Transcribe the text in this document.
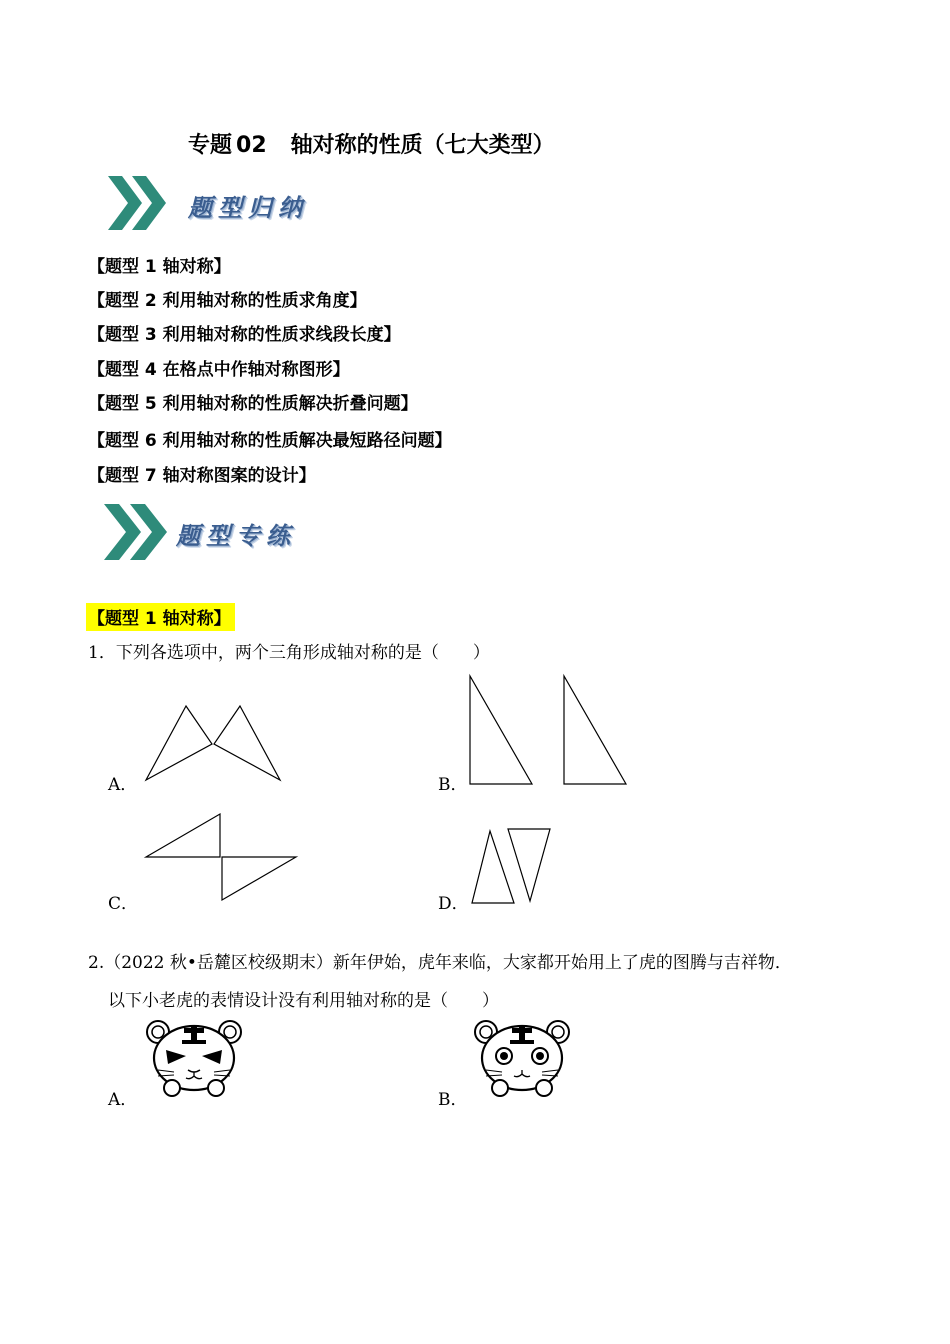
专题 02 轴对称的性质（七大类型）
题型归纳
【题型 1 轴对称】
【题型 2 利用轴对称的性质求角度】
【题型 3 利用轴对称的性质求线段长度】
【题型 4 在格点中作轴对称图形】
【题型 5 利用轴对称的性质解决折叠问题】
【题型 6 利用轴对称的性质解决最短路径问题】
【题型 7 轴对称图案的设计】
题型专练
【题型 1 轴对称】
1．下列各选项中，两个三角形成轴对称的是（　　）
A．	B．
C．	D．
2.（2022 秋•岳麓区校级期末）新年伊始，虎年来临，大家都开始用上了虎的图腾与吉祥物．
以下小老虎的表情设计没有利用轴对称的是（　　）
A．	B．
